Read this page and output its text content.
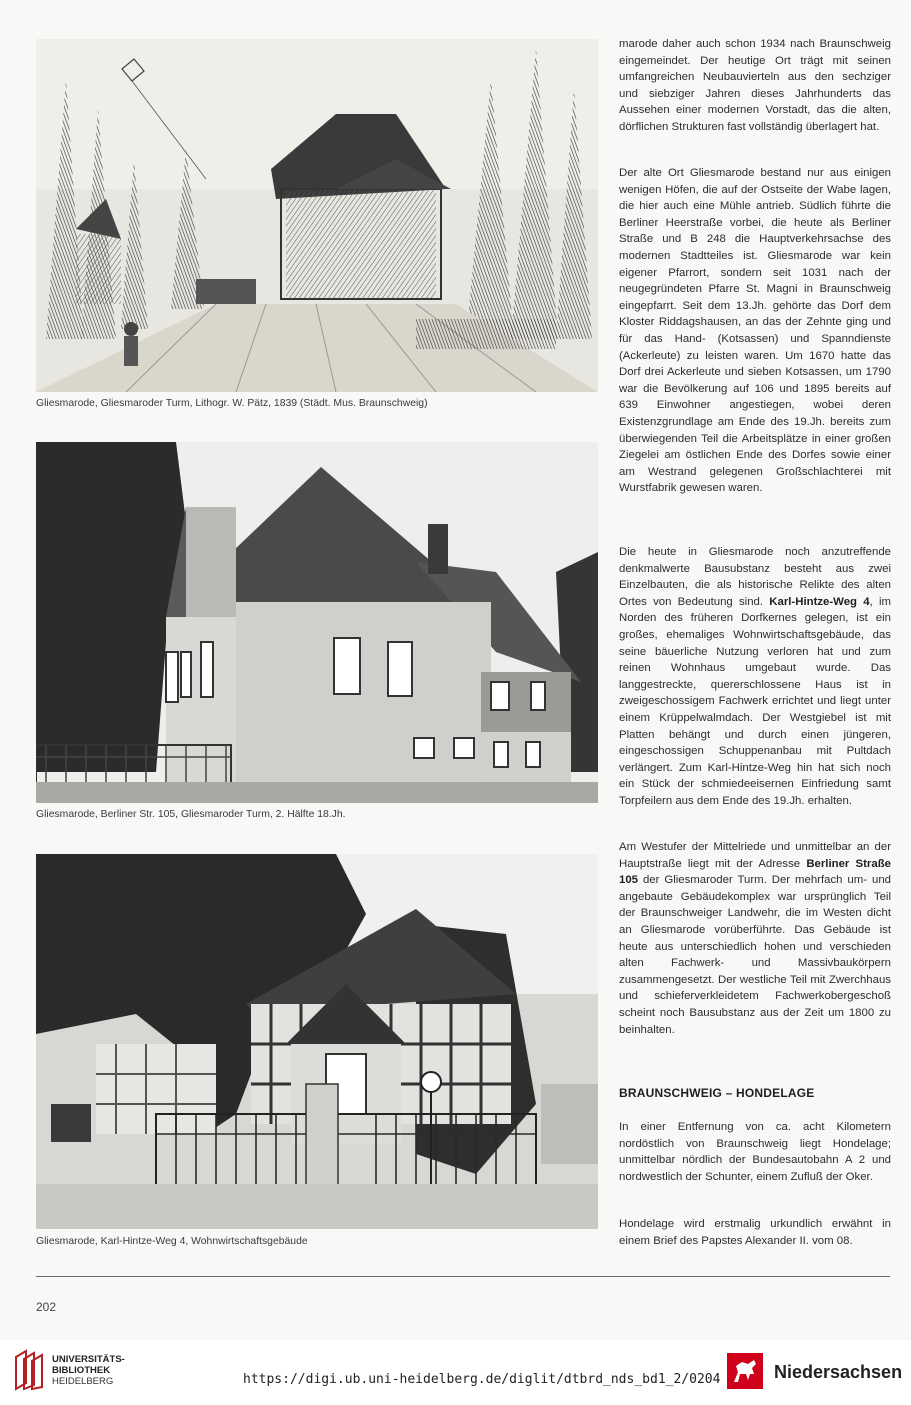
Gliesmarode, Gliesmaroder Turm, Lithogr. W. Pätz, 1839 (Städt. Mus. Braunschweig)
Gliesmarode, Berliner Str. 105, Gliesmaroder Turm, 2. Hälfte 18.Jh.
Gliesmarode, Karl-Hintze-Weg 4, Wohnwirtschaftsgebäude

marode daher auch schon 1934 nach Braunschweig eingemeindet. Der heutige Ort trägt mit seinen umfangreichen Neubauvierteln aus den sechziger und siebziger Jahren dieses Jahrhunderts das Aussehen einer modernen Vorstadt, das die alten, dörflichen Strukturen fast vollständig überlagert hat.

Der alte Ort Gliesmarode bestand nur aus einigen wenigen Höfen, die auf der Ostseite der Wabe lagen, die hier auch eine Mühle antrieb. Südlich führte die Berliner Heerstraße vorbei, die heute als Berliner Straße und B 248 die Hauptverkehrsachse des modernen Stadtteiles ist. Gliesmarode war kein eigener Pfarrort, sondern seit 1031 nach der neugegründeten Pfarre St. Magni in Braunschweig eingepfarrt. Seit dem 13.Jh. gehörte das Dorf dem Kloster Riddagshausen, an das der Zehnte ging und für das Hand- (Kotsassen) und Spanndienste (Ackerleute) zu leisten waren. Um 1670 hatte das Dorf drei Ackerleute und sieben Kotsassen, um 1790 war die Bevölkerung auf 106 und 1895 bereits auf 639 Einwohner angestiegen, wobei deren Existenzgrundlage am Ende des 19.Jh. bereits zum überwiegenden Teil die Arbeitsplätze in einer großen Ziegelei am östlichen Ende des Dorfes sowie einer am Westrand gelegenen Großschlachterei mit Wurstfabrik gewesen waren.

Die heute in Gliesmarode noch anzutreffende denkmalwerte Bausubstanz besteht aus zwei Einzelbauten, die als historische Relikte des alten Ortes von Bedeutung sind. Karl-Hintze-Weg 4, im Norden des früheren Dorfkernes gelegen, ist ein großes, ehemaliges Wohnwirtschaftsgebäude, das seine bäuerliche Nutzung verloren hat und zum reinen Wohnhaus umgebaut wurde. Das langgestreckte, quererschlossene Haus ist in zweigeschossigem Fachwerk errichtet und liegt unter einem Krüppelwalmdach. Der Westgiebel ist mit Platten behängt und durch einen jüngeren, eingeschossigen Schuppenanbau mit Pultdach verlängert. Zum Karl-Hintze-Weg hin hat sich noch ein Stück der schmiedeeisernen Einfriedung samt Torpfeilern aus dem Ende des 19.Jh. erhalten.

Am Westufer der Mittelriede und unmittelbar an der Hauptstraße liegt mit der Adresse Berliner Straße 105 der Gliesmaroder Turm. Der mehrfach um- und angebaute Gebäudekomplex war ursprünglich Teil der Braunschweiger Landwehr, die im Westen dicht an Gliesmarode vorüberführte. Das Gebäude ist heute aus unterschiedlich hohen und verschieden alten Fachwerk- und Massivbaukörpern zusammengesetzt. Der westliche Teil mit Zwerchhaus und schieferverkleidetem Fachwerkobergeschoß scheint noch Bausubstanz aus der Zeit um 1800 zu beinhalten.

BRAUNSCHWEIG – HONDELAGE

In einer Entfernung von ca. acht Kilometern nordöstlich von Braunschweig liegt Hondelage; unmittelbar nördlich der Bundesautobahn A 2 und nordwestlich der Schunter, einem Zufluß der Oker.

Hondelage wird erstmalig urkundlich erwähnt in einem Brief des Papstes Alexander II. vom 08.

202
UNIVERSITÄTS-
BIBLIOTHEK
HEIDELBERG	https://digi.ub.uni-heidelberg.de/diglit/dtbrd_nds_bd1_2/0204	Niedersachsen
